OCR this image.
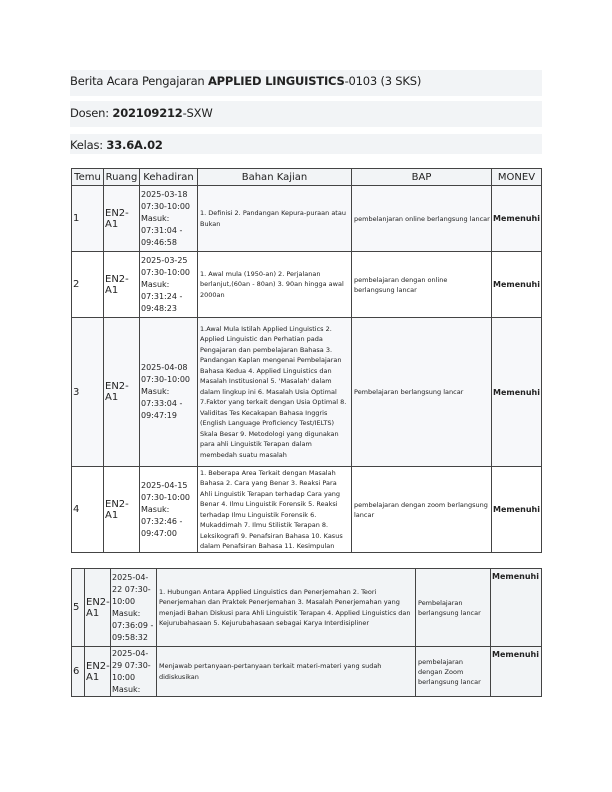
Berita Acara Pengajaran APPLIED LINGUISTICS-0103 (3 SKS)
Dosen: 202109212-SXW
Kelas: 33.6A.02
Temu	Ruang	Kehadiran	Bahan Kajian	BAP	MONEV
1	EN2-A1	2025-03-18 07:30-10:00 Masuk: 07:31:04 - 09:46:58	1. Definisi 2. Pandangan Kepura-puraan atau Bukan	pembelanjaran online berlangsung lancar	Memenuhi
2	EN2-A1	2025-03-25 07:30-10:00 Masuk: 07:31:24 - 09:48:23	1. Awal mula (1950-an) 2. Perjalanan berlanjut,(60an - 80an) 3. 90an hingga awal 2000an	pembelajaran dengan online berlangsung lancar	Memenuhi
3	EN2-A1	2025-04-08 07:30-10:00 Masuk: 07:33:04 - 09:47:19	1.Awal Mula Istilah Applied Linguistics 2. Applied Linguistic dan Perhatian pada Pengajaran dan pembelajaran Bahasa 3. Pandangan Kaplan mengenai Pembelajaran Bahasa Kedua 4. Applied Linguistics dan Masalah Institusional 5. 'Masalah' dalam dalam lingkup ini 6. Masalah Usia Optimal 7.Faktor yang terkait dengan Usia Optimal 8. Validitas Tes Kecakapan Bahasa Inggris (English Language Proficiency Test/IELTS) Skala Besar 9. Metodologi yang digunakan para ahli Linguistik Terapan dalam membedah suatu masalah	Pembelajaran berlangsung lancar	Memenuhi
4	EN2-A1	2025-04-15 07:30-10:00 Masuk: 07:32:46 - 09:47:00	1. Beberapa Area Terkait dengan Masalah Bahasa 2. Cara yang Benar 3. Reaksi Para Ahli Linguistik Terapan terhadap Cara yang Benar 4. Ilmu Linguistik Forensik 5. Reaksi terhadap Ilmu Linguistik Forensik 6. Mukaddimah 7. Ilmu Stilistik Terapan 8. Leksikografi 9. Penafsiran Bahasa 10. Kasus dalam Penafsiran Bahasa 11. Kesimpulan	pembelajaran dengan zoom berlangsung lancar	Memenuhi
5	EN2-A1	2025-04-22 07:30-10:00 Masuk: 07:36:09 - 09:58:32	1. Hubungan Antara Applied Linguistics dan Penerjemahan 2. Teori Penerjemahan dan Praktek Penerjemahan 3. Masalah Penerjemahan yang menjadi Bahan Diskusi para Ahli Linguistik Terapan 4. Applied Linguistics dan Kejurubahasaan 5. Kejurubahasaan sebagai Karya Interdisipliner	Pembelajaran berlangsung lancar	Memenuhi
6	EN2-A1	2025-04-29 07:30-10:00 Masuk:	Menjawab pertanyaan-pertanyaan terkait materi-materi yang sudah didiskusikan	pembelajaran dengan Zoom berlangsung lancar	Memenuhi
